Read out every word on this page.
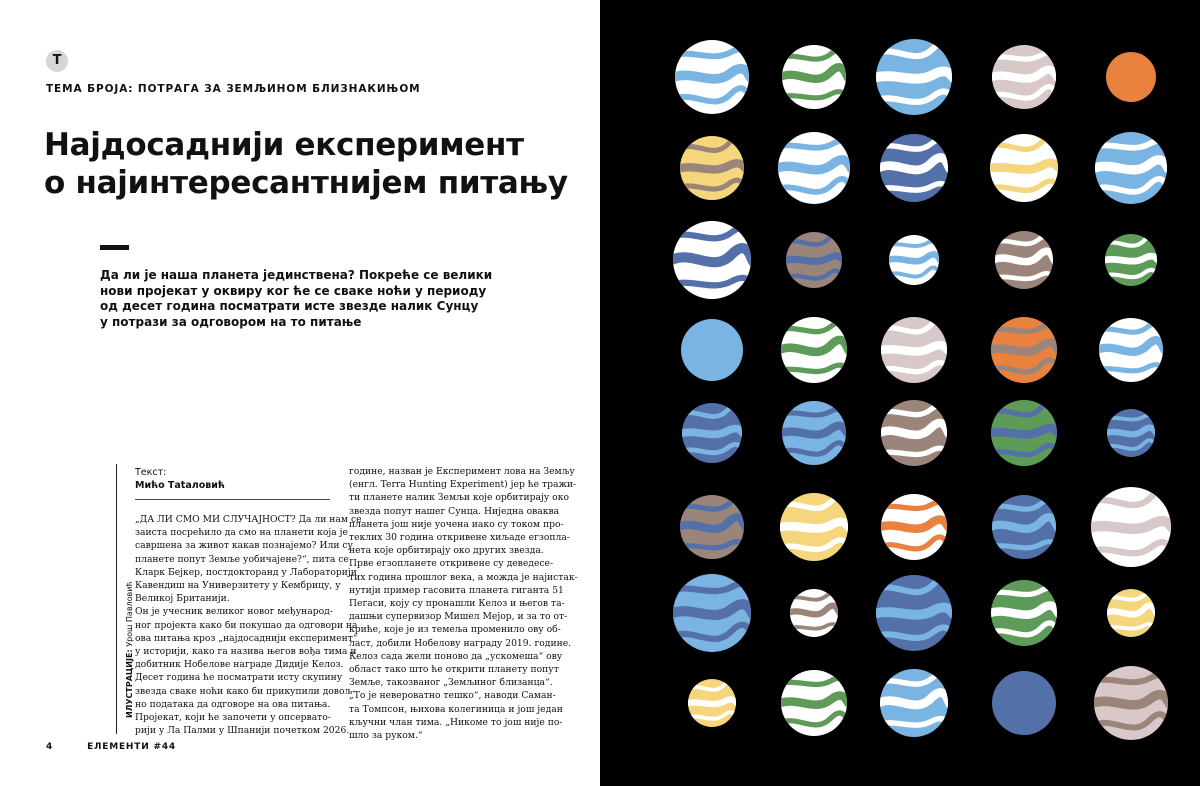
Т
ТЕМА БРОЈА: ПОТРАГА ЗА ЗЕМЉИНОМ БЛИЗНАКИЊОМ
Најдосаднији експеримент
о најинтересантнијем питању
Да ли је наша планета јединствена? Покреће се велики
нови пројекат у оквиру ког ће се сваке ноћи у периоду
од десет година посматрати исте звезде налик Сунцу
у потрази за одговором на то питање
ИЛУСТРАЦИЈЕ: Урош Павловић
Текст:
Мићо Тataловић
„ДА ЛИ СМО МИ СЛУЧАЈНОСТ? Да ли нам се
заиста посрећило да смо на планети која је
савршена за живот какав познајемо? Или су
планете попут Земље уобичајене?“, пита се
Кларк Бејкер, постдокторанд у Лабораторији
Кавендиш на Универзитету у Кембрицу, у
Великој Британији.
Он је учесник великог новог међународ-
ног пројекта како би покушао да одговори на
ова питања кроз „најдосаднији експеримент“
у историји, како га назива његов вођа тима и
добитник Нобелове награде Дидије Келоз.
Десет година ће посматрати исту скупину
звезда сваке ноћи како би прикупили довољ-
но података да одговоре на ова питања.
Пројекат, који ће започети у опсервато-
рији у Ла Палми у Шпанији почетком 2026.
године, назван је Експеримент лова на Земљу
(енгл. Terra Hunting Experiment) јер ће тражи-
ти планете налик Земљи које орбитирају око
звезда попут нашег Сунца. Ниједна оваква
планета још није уочена иако су током про-
теклих 30 година откривене хиљаде егзопла-
нета које орбитирају око других звезда.
Прве егзопланете откривене су деведесе-
тих година прошлог века, а можда је најистак-
нутији пример гасовита планета гиганта 51
Пегаси, коју су пронашли Келоз и његов та-
дашњи супервизор Мишел Мејор, и за то от-
криће, које је из темеља променило ову об-
ласт, добили Нобелову награду 2019. године.
Келоз сада жели поново да „ускомеша“ ову
област тако што ће открити планету попут
Земље, такозваног „Земљиног близанца“.
„То је невероватно тешко“, наводи Саман-
та Томпсон, њихова колегиница и још један
кључни члан тима. „Никоме то још није по-
шло за руком.“
4	ЕЛЕМЕНТИ #44
